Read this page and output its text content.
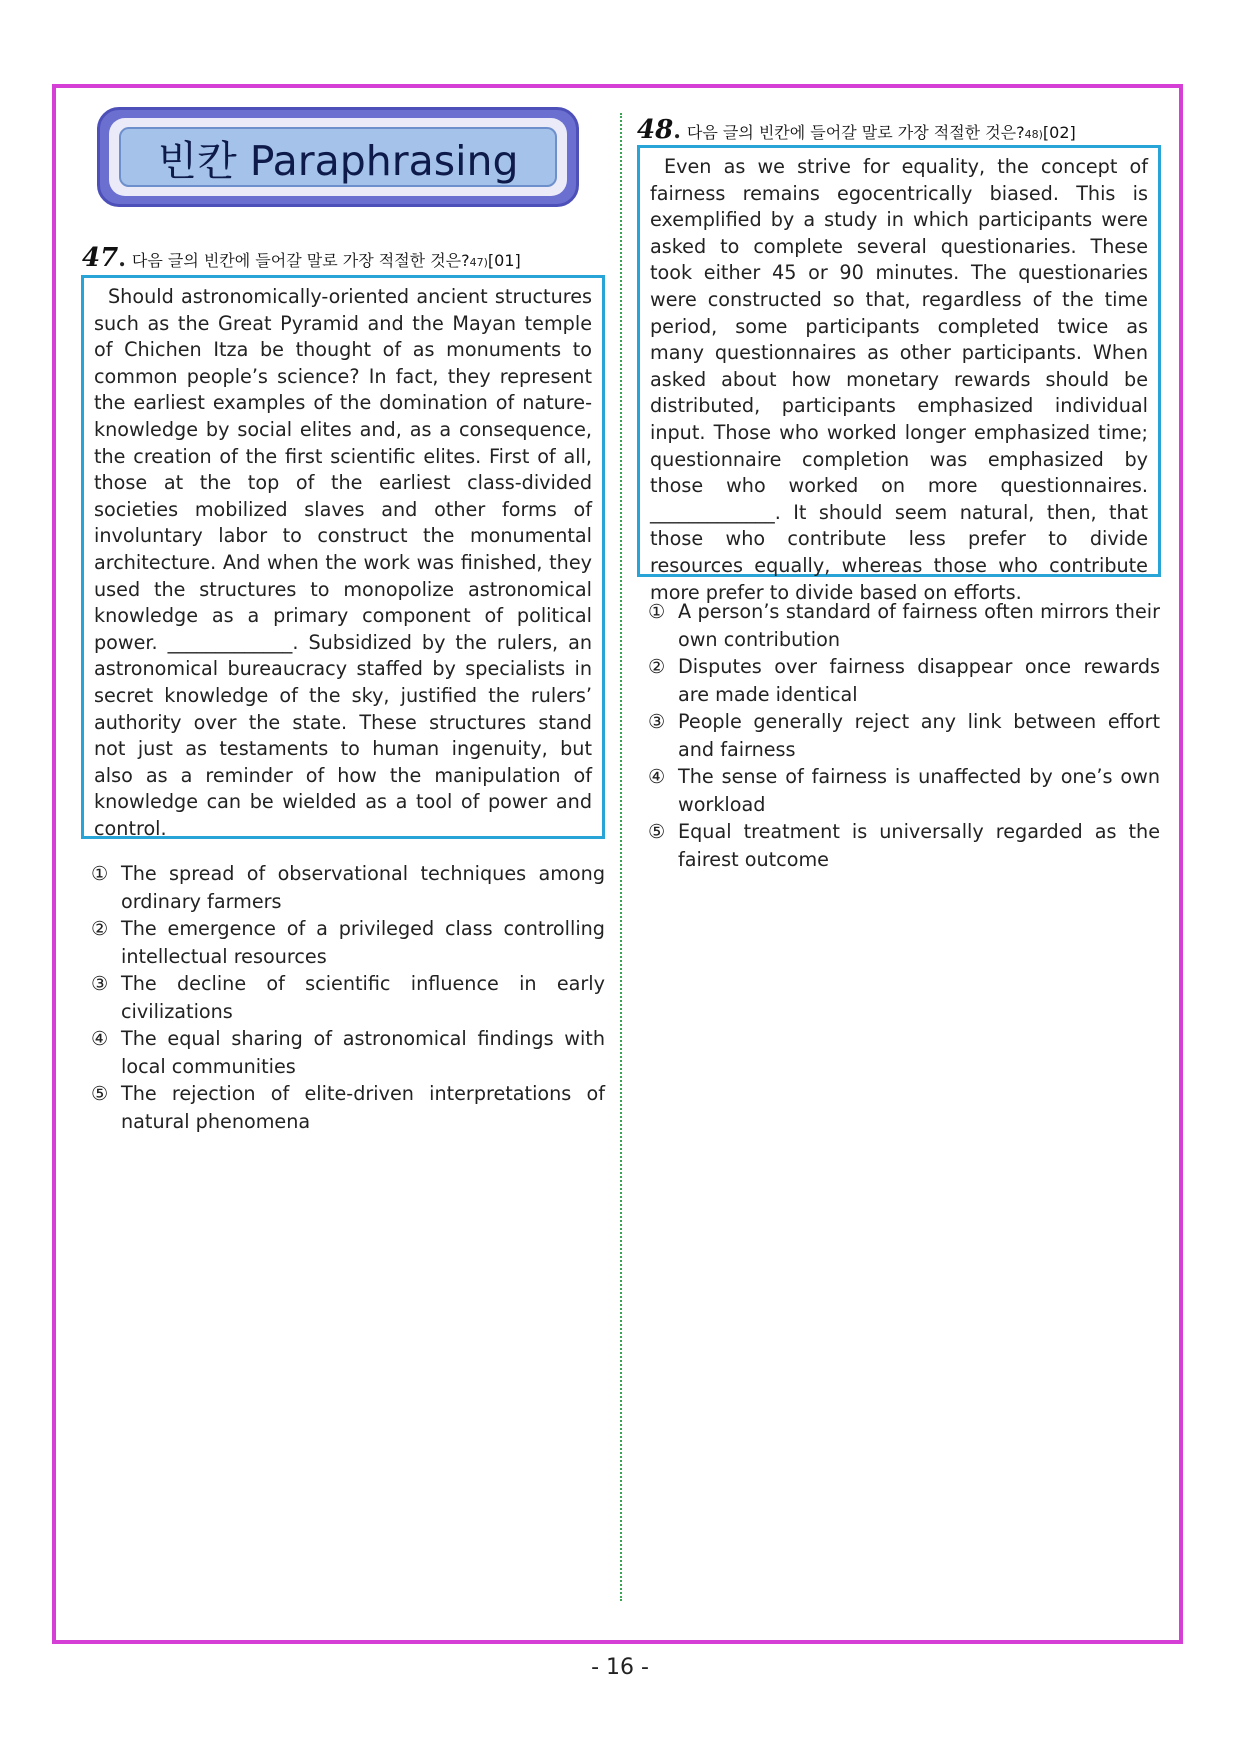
빈칸 Paraphrasing
47 . 다음 글의 빈칸에 들어갈 말로 가장 적절한 것은? 47) [01]

Should astronomically-oriented ancient structures such as the Great Pyramid and the Mayan temple of Chichen Itza be thought of as monuments to common people’s science? In fact, they represent the earliest examples of the domination of nature-knowledge by social elites and, as a consequence, the creation of the first scientific elites. First of all, those at the top of the earliest class-divided societies mobilized slaves and other forms of involuntary labor to construct the monumental architecture. And when the work was finished, they used the structures to monopolize astronomical knowledge as a primary component of political power. _____________. Subsidized by the rulers, an astronomical bureaucracy staffed by specialists in secret knowledge of the sky, justified the rulers’ authority over the state. These structures stand not just as testaments to human ingenuity, but also as a reminder of how the manipulation of knowledge can be wielded as a tool of power and control.

① The spread of observational techniques among ordinary farmers
② The emergence of a privileged class controlling intellectual resources
③ The decline of scientific influence in early civilizations
④ The equal sharing of astronomical findings with local communities
⑤ The rejection of elite-driven interpretations of natural phenomena
48 . 다음 글의 빈칸에 들어갈 말로 가장 적절한 것은? 48) [02]

Even as we strive for equality, the concept of fairness remains egocentrically biased. This is exemplified by a study in which participants were asked to complete several questionaries. These took either 45 or 90 minutes. The questionaries were constructed so that, regardless of the time period, some participants completed twice as many questionnaires as other participants. When asked about how monetary rewards should be distributed, participants emphasized individual input. Those who worked longer emphasized time; questionnaire completion was emphasized by those who worked on more questionnaires. _____________. It should seem natural, then, that those who contribute less prefer to divide resources equally, whereas those who contribute more prefer to divide based on efforts.

① A person’s standard of fairness often mirrors their own contribution
② Disputes over fairness disappear once rewards are made identical
③ People generally reject any link between effort and fairness
④ The sense of fairness is unaffected by one’s own workload
⑤ Equal treatment is universally regarded as the fairest outcome
- 16 -
